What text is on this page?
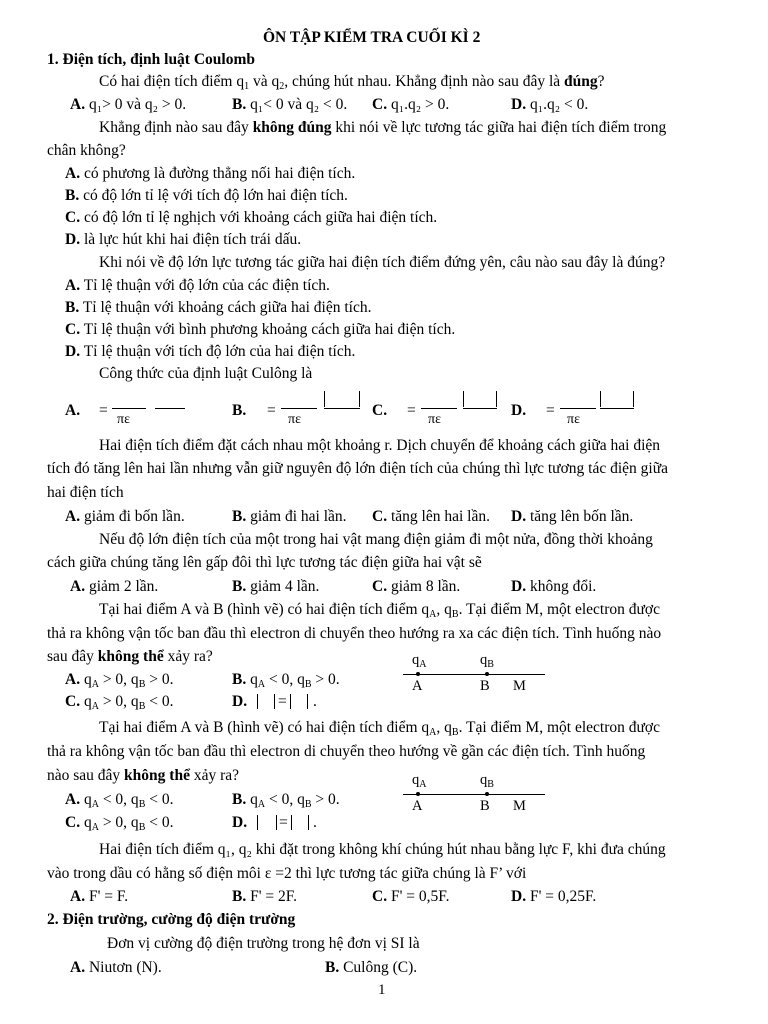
ÔN TẬP KIỂM TRA CUỐI KÌ 2
1. Điện tích, định luật Coulomb
Có hai điện tích điểm $q_1$ và $q_2$, chúng hút nhau. Khẳng định nào sau đây là đúng?
A. q₁> 0 và q₂ > 0.	B. q₁< 0 và q₂ < 0. C. q₁.q₂ > 0.	D. q₁.q₂ < 0.
Khẳng định nào sau đây không đúng khi nói về lực tương tác giữa hai điện tích điểm trong
chân không?
A. có phương là đường thẳng nối hai điện tích.
B. có độ lớn tỉ lệ với tích độ lớn hai điện tích.
C. có độ lớn tỉ lệ nghịch với khoảng cách giữa hai điện tích.
D. là lực hút khi hai điện tích trái dấu.
Khi nói về độ lớn lực tương tác giữa hai điện tích điểm đứng yên, câu nào sau đây là đúng?
A. Tỉ lệ thuận với độ lớn của các điện tích.
B. Tỉ lệ thuận với khoảng cách giữa hai điện tích.
C. Tỉ lệ thuận với bình phương khoảng cách giữa hai điện tích.
D. Tỉ lệ thuận với tích độ lớn của hai điện tích.
Công thức của định luật Culông là
A. =
πε
B. =
πε
C. =
πε
D. =
πε
Hai điện tích điểm đặt cách nhau một khoảng r. Dịch chuyển để khoảng cách giữa hai điện
tích đó tăng lên hai lần nhưng vẫn giữ nguyên độ lớn điện tích của chúng thì lực tương tác điện giữa
hai điện tích
A. giảm đi bốn lần.	B. giảm đi hai lần. C. tăng lên hai lần. D. tăng lên bốn lần.
Nếu độ lớn điện tích của một trong hai vật mang điện giảm đi một nửa, đồng thời khoảng
cách giữa chúng tăng lên gấp đôi thì lực tương tác điện giữa hai vật sẽ
A. giảm 2 lần.	B. giảm 4 lần.	C. giảm 8 lần.	D. không đổi.
Tại hai điểm A và B (hình vẽ) có hai điện tích điểm $q_A$, $q_B$. Tại điểm M, một electron được
thả ra không vận tốc ban đầu thì electron di chuyển theo hướng ra xa các điện tích. Tình huống nào
sau đây không thể xảy ra?
A. $q_A > 0$, $q_B > 0$.	B. $q_A < 0$, $q_B > 0$.
C. $q_A > 0$, $q_B < 0$.	D. = .
$q_A$	$q_B$
A	B M
Tại hai điểm A và B (hình vẽ) có hai điện tích điểm $q_A$, $q_B$. Tại điểm M, một electron được
thả ra không vận tốc ban đầu thì electron di chuyển theo hướng về gần các điện tích. Tình huống
nào sau đây không thể xảy ra?
A. $q_A < 0$, $q_B < 0$.	B. $q_A < 0$, $q_B > 0$.
C. $q_A > 0$, $q_B < 0$.	D. = .
$q_A$	$q_B$
A	B M
Hai điện tích điểm q₁, q₂ khi đặt trong không khí chúng hút nhau bằng lực F, khi đưa chúng
vào trong dầu có hằng số điện môi ε =2 thì lực tương tác giữa chúng là F’ với
A. F' = F.	B. F' = 2F.	C. F' = 0,5F.	D. F' = 0,25F.
2. Điện trường, cường độ điện trường
Đơn vị cường độ điện trường trong hệ đơn vị SI là
A. Niutơn (N).	B. Culông (C).
1
